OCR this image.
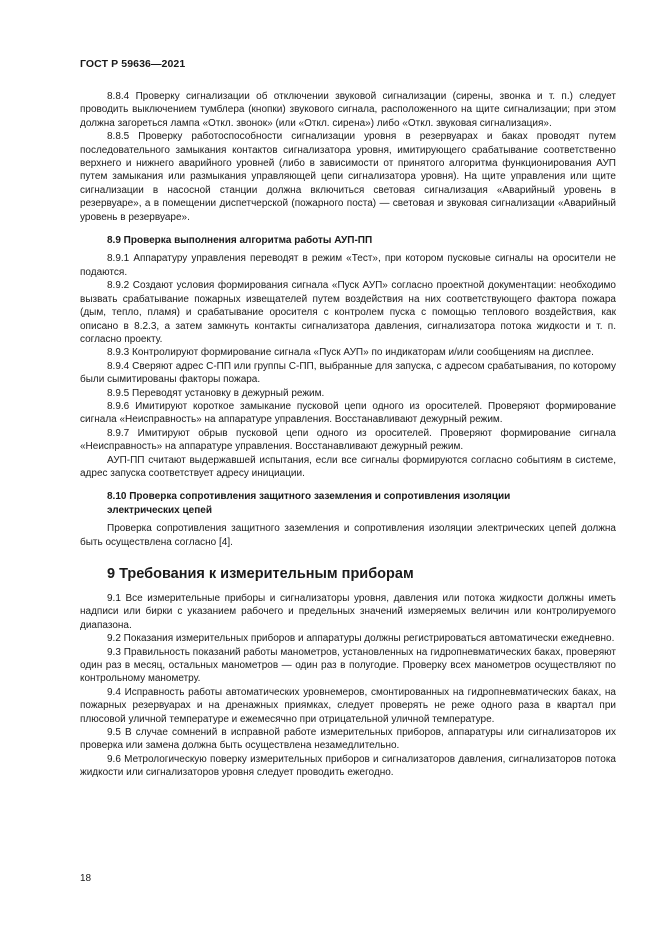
ГОСТ Р 59636—2021

8.8.4 Проверку сигнализации об отключении звуковой сигнализации (сирены, звонка и т. п.) следует проводить выключением тумблера (кнопки) звукового сигнала, расположенного на щите сигнализации; при этом должна загореться лампа «Откл. звонок» (или «Откл. сирена») либо «Откл. звуковая сигнализация».

8.8.5 Проверку работоспособности сигнализации уровня в резервуарах и баках проводят путем последовательного замыкания контактов сигнализатора уровня, имитирующего срабатывание соответственно верхнего и нижнего аварийного уровней (либо в зависимости от принятого алгоритма функционирования АУП путем замыкания или размыкания управляющей цепи сигнализатора уровня). На щите управления или щите сигнализации в насосной станции должна включиться световая сигнализация «Аварийный уровень в резервуаре», а в помещении диспетчерской (пожарного поста) — световая и звуковая сигнализации «Аварийный уровень в резервуаре».

8.9 Проверка выполнения алгоритма работы АУП-ПП

8.9.1 Аппаратуру управления переводят в режим «Тест», при котором пусковые сигналы на оросители не подаются.

8.9.2 Создают условия формирования сигнала «Пуск АУП» согласно проектной документации: необходимо вызвать срабатывание пожарных извещателей путем воздействия на них соответствующего фактора пожара (дым, тепло, пламя) и срабатывание оросителя с контролем пуска с помощью теплового воздействия, как описано в 8.2.3, а затем замкнуть контакты сигнализатора давления, сигнализатора потока жидкости и т. п. согласно проекту.

8.9.3 Контролируют формирование сигнала «Пуск АУП» по индикаторам и/или сообщениям на дисплее.

8.9.4 Сверяют адрес С-ПП или группы С-ПП, выбранные для запуска, с адресом срабатывания, по которому были сымитированы факторы пожара.

8.9.5 Переводят установку в дежурный режим.

8.9.6 Имитируют короткое замыкание пусковой цепи одного из оросителей. Проверяют формирование сигнала «Неисправность» на аппаратуре управления. Восстанавливают дежурный режим.

8.9.7 Имитируют обрыв пусковой цепи одного из оросителей. Проверяют формирование сигнала «Неисправность» на аппаратуре управления. Восстанавливают дежурный режим.

АУП-ПП считают выдержавшей испытания, если все сигналы формируются согласно событиям в системе, адрес запуска соответствует адресу инициации.

8.10 Проверка сопротивления защитного заземления и сопротивления изоляции электрических цепей

Проверка сопротивления защитного заземления и сопротивления изоляции электрических цепей должна быть осуществлена согласно [4].

9 Требования к измерительным приборам

9.1 Все измерительные приборы и сигнализаторы уровня, давления или потока жидкости должны иметь надписи или бирки с указанием рабочего и предельных значений измеряемых величин или контролируемого диапазона.

9.2 Показания измерительных приборов и аппаратуры должны регистрироваться автоматически ежедневно.

9.3 Правильность показаний работы манометров, установленных на гидропневматических баках, проверяют один раз в месяц, остальных манометров — один раз в полугодие. Проверку всех манометров осуществляют по контрольному манометру.

9.4 Исправность работы автоматических уровнемеров, смонтированных на гидропневматических баках, на пожарных резервуарах и на дренажных приямках, следует проверять не реже одного раза в квартал при плюсовой уличной температуре и ежемесячно при отрицательной уличной температуре.

9.5 В случае сомнений в исправной работе измерительных приборов, аппаратуры или сигнализаторов их проверка или замена должна быть осуществлена незамедлительно.

9.6 Метрологическую поверку измерительных приборов и сигнализаторов давления, сигнализаторов потока жидкости или сигнализаторов уровня следует проводить ежегодно.

18
